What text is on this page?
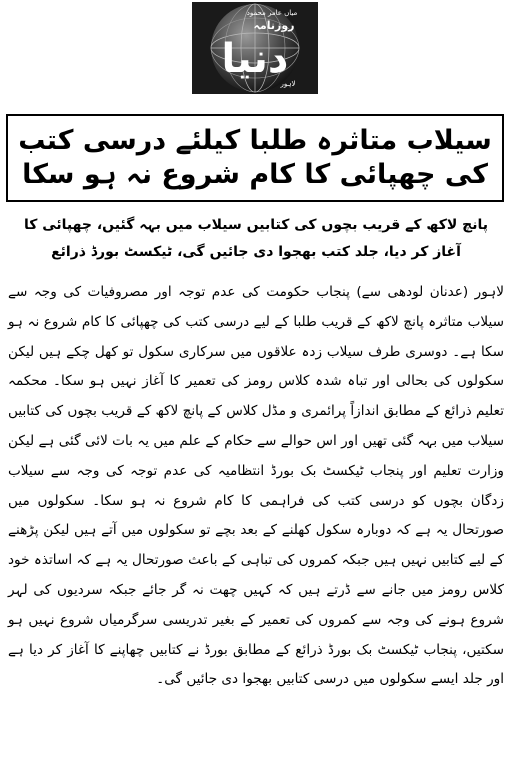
میاں عامر محمود
روزنامہ
دنیا
لاہور
سیلاب متاثرہ طلبا کیلئے درسی کتب کی چھپائی کا کام شروع نہ ہو سکا
پانچ لاکھ کے قریب بچوں کی کتابیں سیلاب میں بہہ گئیں، چھپائی کا آغاز کر دیا، جلد کتب بھجوا دی جائیں گی، ٹیکسٹ بورڈ ذرائع
لاہور (عدنان لودھی سے) پنجاب حکومت کی عدم توجہ اور مصروفیات کی وجہ سے سیلاب متاثرہ پانچ لاکھ کے قریب طلبا کے لیے درسی کتب کی چھپائی کا کام شروع نہ ہو سکا ہے۔ دوسری طرف سیلاب زدہ علاقوں میں سرکاری سکول تو کھل چکے ہیں لیکن سکولوں کی بحالی اور تباہ شدہ کلاس رومز کی تعمیر کا آغاز نہیں ہو سکا۔ محکمہ تعلیم ذرائع کے مطابق اندازاً پرائمری و مڈل کلاس کے پانچ لاکھ کے قریب بچوں کی کتابیں سیلاب میں بہہ گئی تھیں اور اس حوالے سے حکام کے علم میں یہ بات لائی گئی ہے لیکن وزارت تعلیم اور پنجاب ٹیکسٹ بک بورڈ انتظامیہ کی عدم توجہ کی وجہ سے سیلاب زدگان بچوں کو درسی کتب کی فراہمی کا کام شروع نہ ہو سکا۔ سکولوں میں صورتحال یہ ہے کہ دوبارہ سکول کھلنے کے بعد بچے تو سکولوں میں آتے ہیں لیکن پڑھنے کے لیے کتابیں نہیں ہیں جبکہ کمروں کی تباہی کے باعث صورتحال یہ ہے کہ اساتذہ خود کلاس رومز میں جانے سے ڈرتے ہیں کہ کہیں چھت نہ گر جائے جبکہ سردیوں کی لہر شروع ہونے کی وجہ سے کمروں کی تعمیر کے بغیر تدریسی سرگرمیاں شروع نہیں ہو سکتیں، پنجاب ٹیکسٹ بک بورڈ ذرائع کے مطابق بورڈ نے کتابیں چھاپنے کا آغاز کر دیا ہے اور جلد ایسے سکولوں میں درسی کتابیں بھجوا دی جائیں گی۔
